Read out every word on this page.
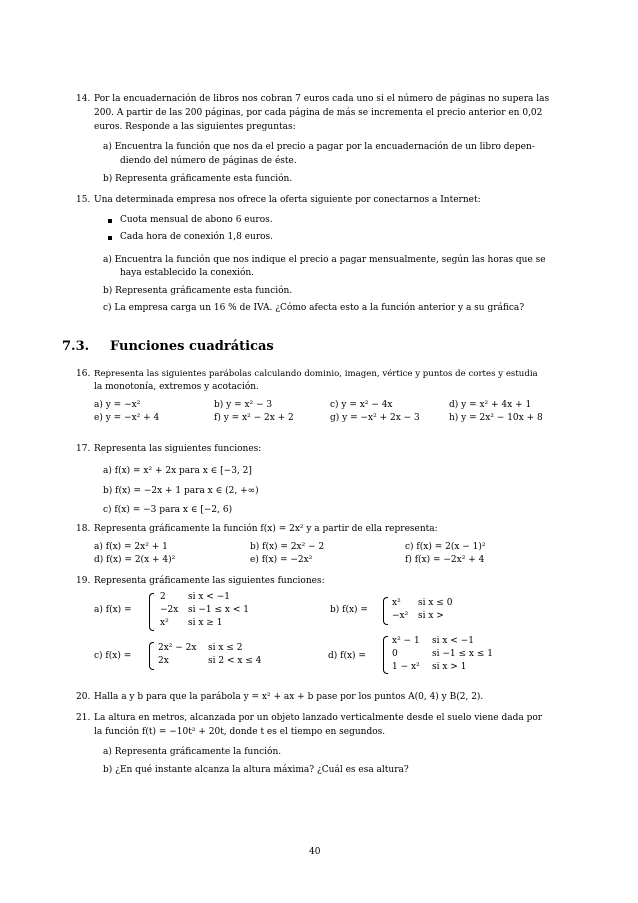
14. Por la encuadernación de libros nos cobran 7 euros cada uno si el número de páginas no supera las
200. A partir de las 200 páginas, por cada página de más se incrementa el precio anterior en 0,02
euros. Responde a las siguientes preguntas:
a) Encuentra la función que nos da el precio a pagar por la encuadernación de un libro depen-
diendo del número de páginas de éste.
b) Representa gráficamente esta función.
15. Una determinada empresa nos ofrece la oferta siguiente por conectarnos a Internet:
Cuota mensual de abono 6 euros.
Cada hora de conexión 1,8 euros.
a) Encuentra la función que nos indique el precio a pagar mensualmente, según las horas que se
haya establecido la conexión.
b) Representa gráficamente esta función.
c) La empresa carga un 16 % de IVA. ¿Cómo afecta esto a la función anterior y a su gráfica?
7.3. Funciones cuadráticas
16. Representa las siguientes parábolas calculando dominio, imagen, vértice y puntos de cortes y estudia
la monotonía, extremos y acotación.
a) y = −x²	b) y = x² − 3	c) y = x² − 4x	d) y = x² + 4x + 1
e) y = −x² + 4	f) y = x² − 2x + 2	g) y = −x² + 2x − 3	h) y = 2x² − 10x + 8
17. Representa las siguientes funciones:
a) f(x) = x² + 2x para x ∈ [−3, 2]
b) f(x) = −2x + 1 para x ∈ (2, +∞)
c) f(x) = −3 para x ∈ [−2, 6)
18. Representa gráficamente la función f(x) = 2x² y a partir de ella representa:
a) f(x) = 2x² + 1	b) f(x) = 2x² − 2	c) f(x) = 2(x − 1)²
d) f(x) = 2(x + 4)²	e) f(x) = −2x²	f) f(x) = −2x² + 4
19. Representa gráficamente las siguientes funciones:
a) f(x) =
2 si x < −1
−2x si −1 ≤ x < 1
x² si x ≥ 1
b) f(x) =
x² si x ≤ 0
−x² si x >
c) f(x) =
2x² − 2x si x ≤ 2
2x	si 2 < x ≤ 4	d) f(x) =
x² − 1 si x < −1
0	si −1 ≤ x ≤ 1
1 − x² si x > 1
20. Halla a y b para que la parábola y = x² + ax + b pase por los puntos A(0, 4) y B(2, 2).
21. La altura en metros, alcanzada por un objeto lanzado verticalmente desde el suelo viene dada por
la función f(t) = −10t² + 20t, donde t es el tiempo en segundos.
a) Representa gráficamente la función.
b) ¿En qué instante alcanza la altura máxima? ¿Cuál es esa altura?
40
